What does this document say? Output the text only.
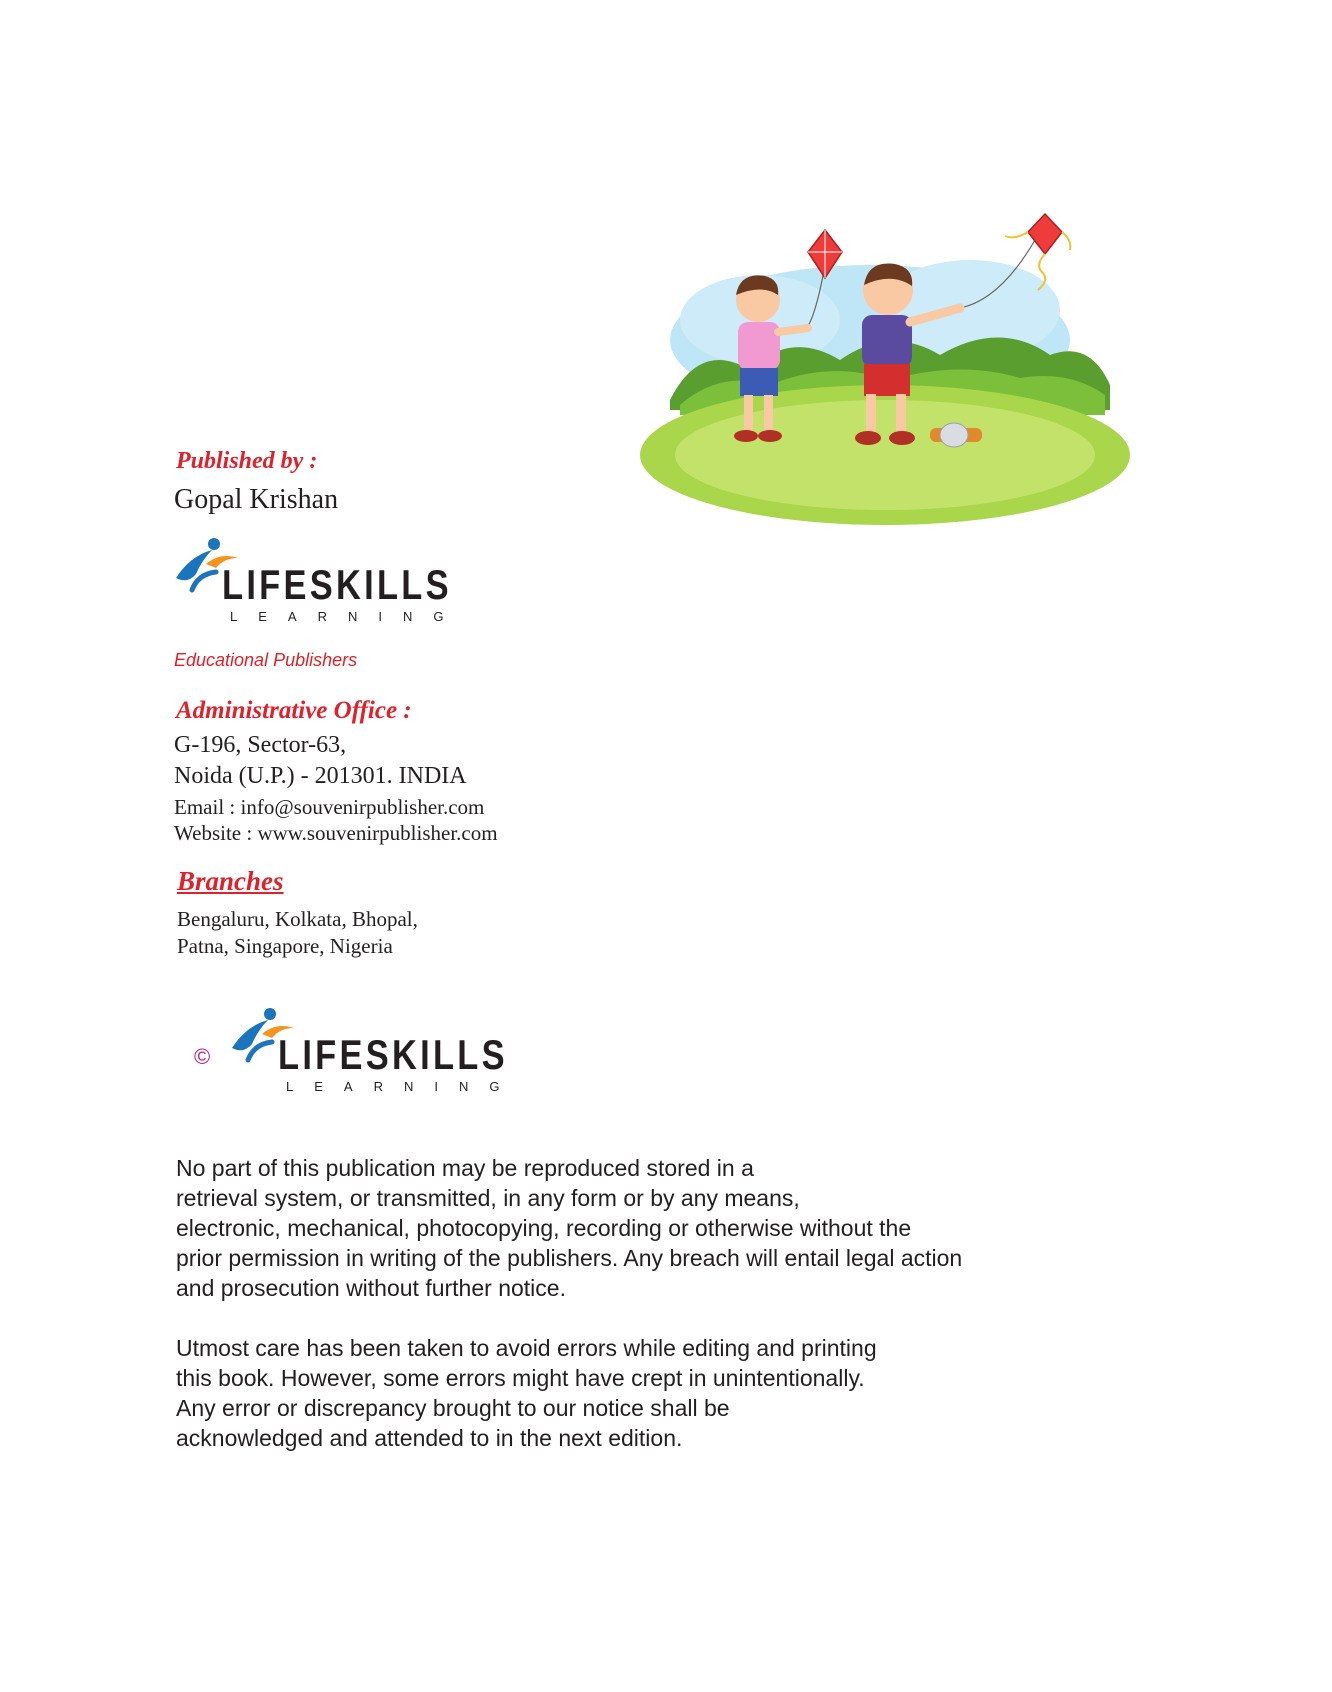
Published by :
Gopal Krishan
LIFESKILLS
LEARNING
Educational Publishers
Administrative Office :
G-196, Sector-63,
Noida (U.P.) - 201301. INDIA
Email : info@souvenirpublisher.com
Website : www.souvenirpublisher.com
Branches
Bengaluru, Kolkata, Bhopal,
Patna, Singapore, Nigeria
© LIFESKILLS
LEARNING
No part of this publication may be reproduced stored in a
retrieval system, or transmitted, in any form or by any means,
electronic, mechanical, photocopying, recording or otherwise without the
prior permission in writing of the publishers. Any breach will entail legal action
and prosecution without further notice.
Utmost care has been taken to avoid errors while editing and printing
this book. However, some errors might have crept in unintentionally.
Any error or discrepancy brought to our notice shall be
acknowledged and attended to in the next edition.
